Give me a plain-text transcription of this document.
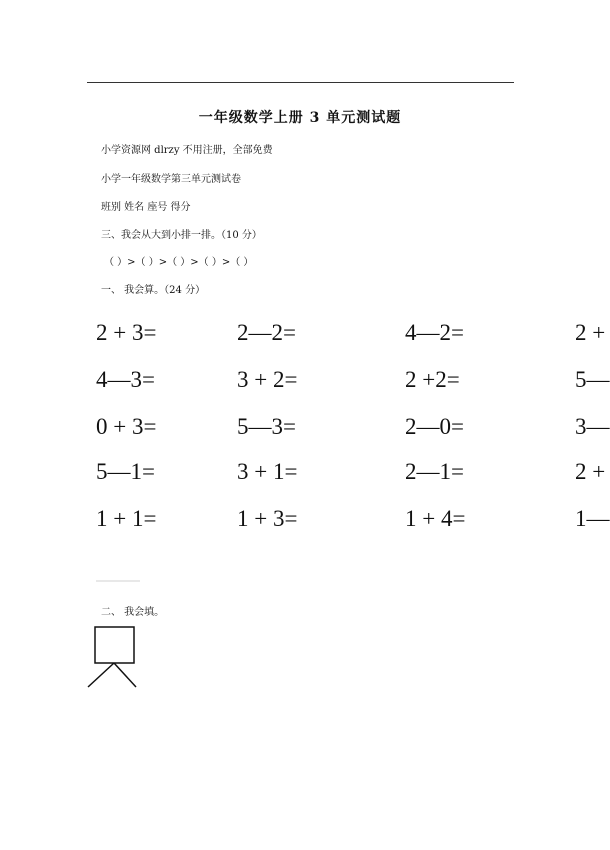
一年级数学上册 3 单元测试题
小学资源网 dlrzy 不用注册，全部免费
小学一年级数学第三单元测试卷
班别 姓名 座号 得分
三、我会从大到小排一排。（10 分）
（ ）>（ ）>（ ）>（ ）>（ ）
一、 我会算。（24 分）
2 + 3=	2—2=	4—2=	2 +
4—3=	3 + 2=	2 +2=	5—
0 + 3=	5—3=	2—0=	3—
5—1=	3 + 1=	2—1=	2 +
1 + 1=	1 + 3=	1 + 4=	1—
二、 我会填。
